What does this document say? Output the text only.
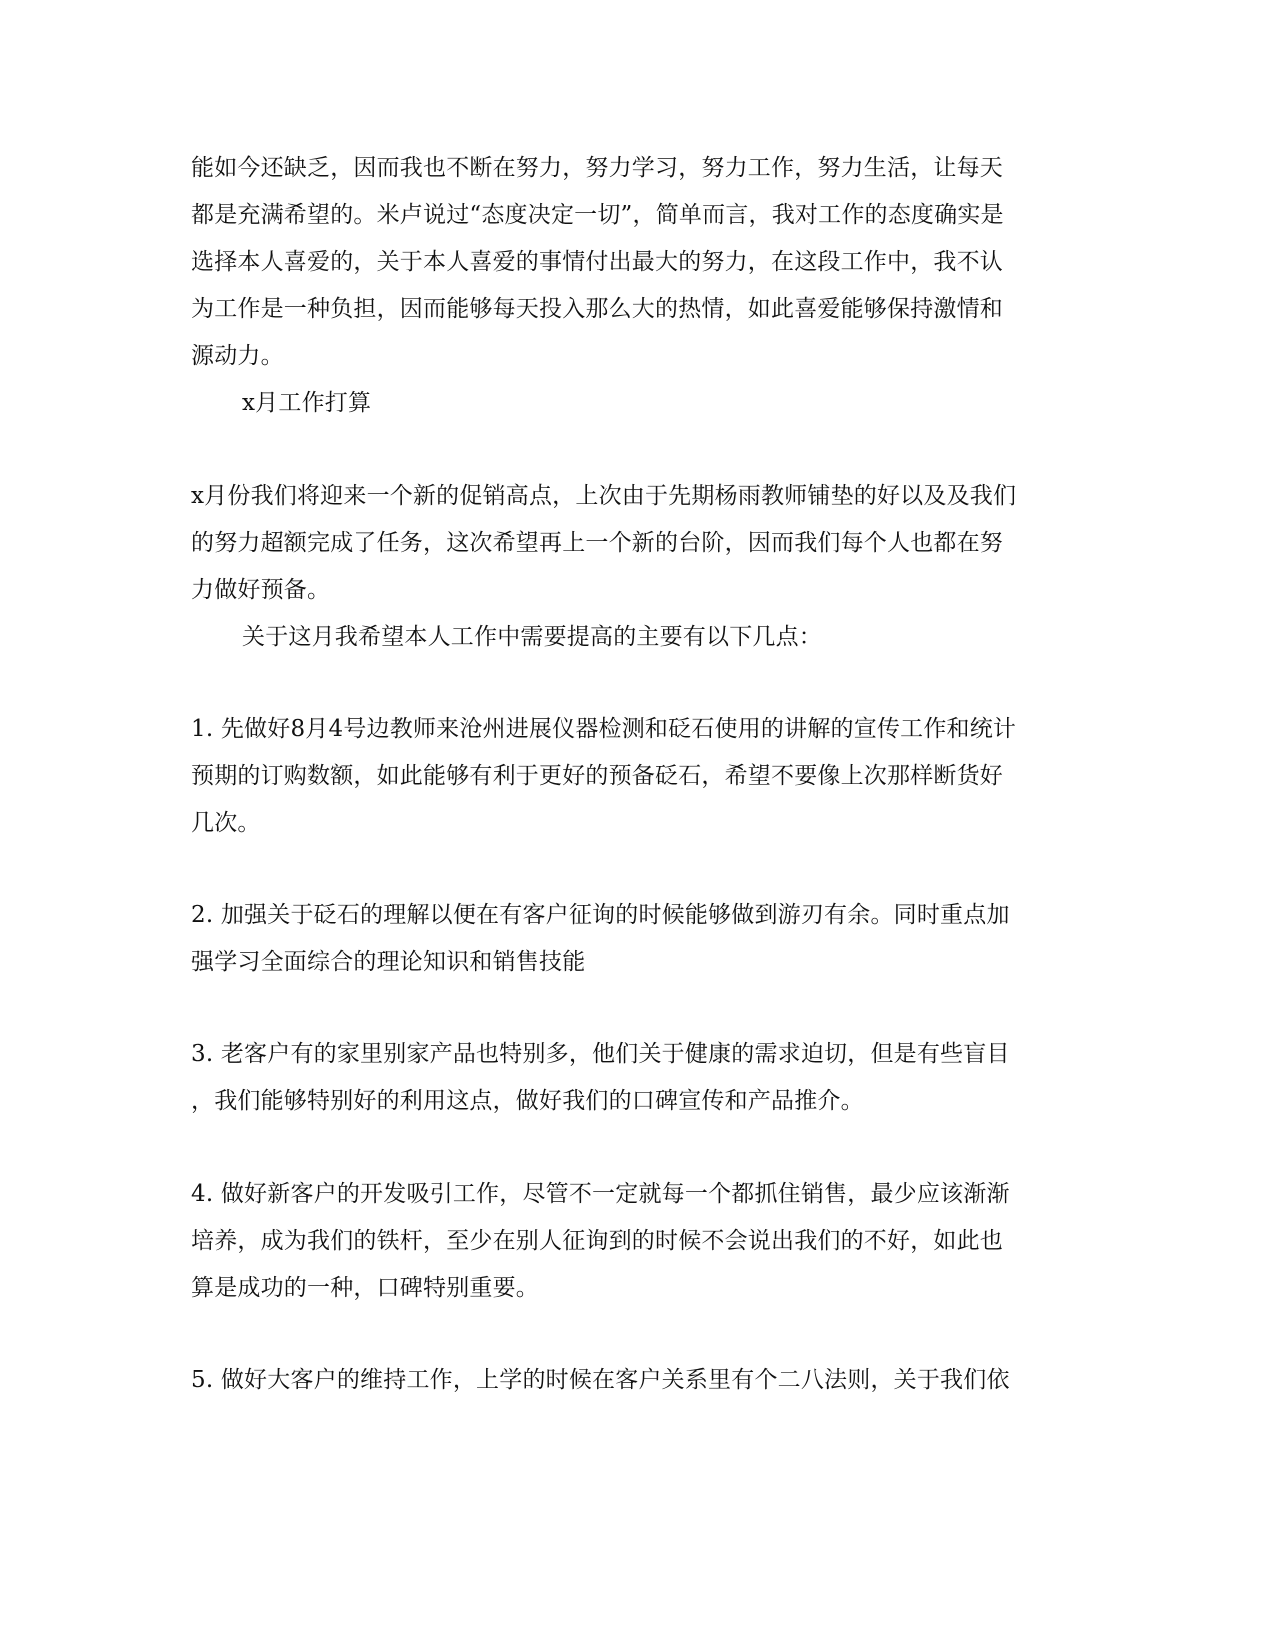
能如今还缺乏，因而我也不断在努力，努力学习，努力工作，努力生活，让每天
都是充满希望的。米卢说过“态度决定一切”，简单而言，我对工作的态度确实是
选择本人喜爱的，关于本人喜爱的事情付出最大的努力，在这段工作中，我不认
为工作是一种负担，因而能够每天投入那么大的热情，如此喜爱能够保持激情和
源动力。
x月工作打算
x月份我们将迎来一个新的促销高点，上次由于先期杨雨教师铺垫的好以及及我们
的努力超额完成了任务，这次希望再上一个新的台阶，因而我们每个人也都在努
力做好预备。
关于这月我希望本人工作中需要提高的主要有以下几点：
1. 先做好8月4号边教师来沧州进展仪器检测和砭石使用的讲解的宣传工作和统计
预期的订购数额，如此能够有利于更好的预备砭石，希望不要像上次那样断货好
几次。
2. 加强关于砭石的理解以便在有客户征询的时候能够做到游刃有余。同时重点加
强学习全面综合的理论知识和销售技能
3. 老客户有的家里别家产品也特别多，他们关于健康的需求迫切，但是有些盲目
，我们能够特别好的利用这点，做好我们的口碑宣传和产品推介。
4. 做好新客户的开发吸引工作，尽管不一定就每一个都抓住销售，最少应该渐渐
培养，成为我们的铁杆，至少在别人征询到的时候不会说出我们的不好，如此也
算是成功的一种，口碑特别重要。
5. 做好大客户的维持工作，上学的时候在客户关系里有个二八法则，关于我们依
